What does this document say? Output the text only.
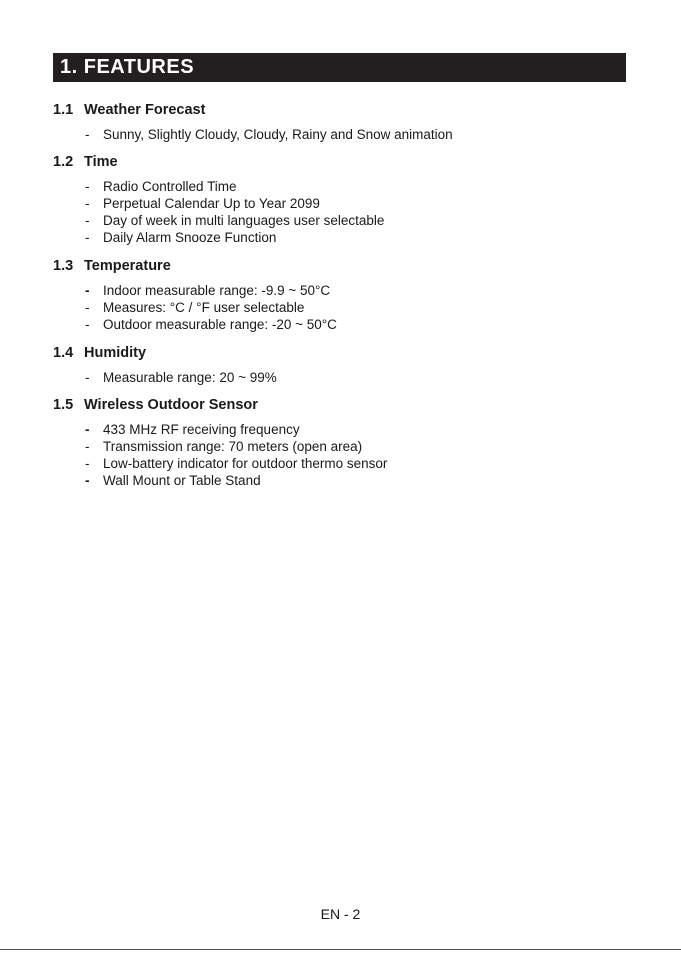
1. FEATURES
1.1 Weather Forecast
- Sunny, Slightly Cloudy, Cloudy, Rainy and Snow animation
1.2 Time
- Radio Controlled Time
- Perpetual Calendar Up to Year 2099
- Day of week in multi languages user selectable
- Daily Alarm Snooze Function
1.3 Temperature
- Indoor measurable range: -9.9 ~ 50°C
- Measures: °C / °F user selectable
- Outdoor measurable range: -20 ~ 50°C
1.4 Humidity
- Measurable range: 20 ~ 99%
1.5 Wireless Outdoor Sensor
- 433 MHz RF receiving frequency
- Transmission range: 70 meters (open area)
- Low-battery indicator for outdoor thermo sensor
- Wall Mount or Table Stand
EN - 2
